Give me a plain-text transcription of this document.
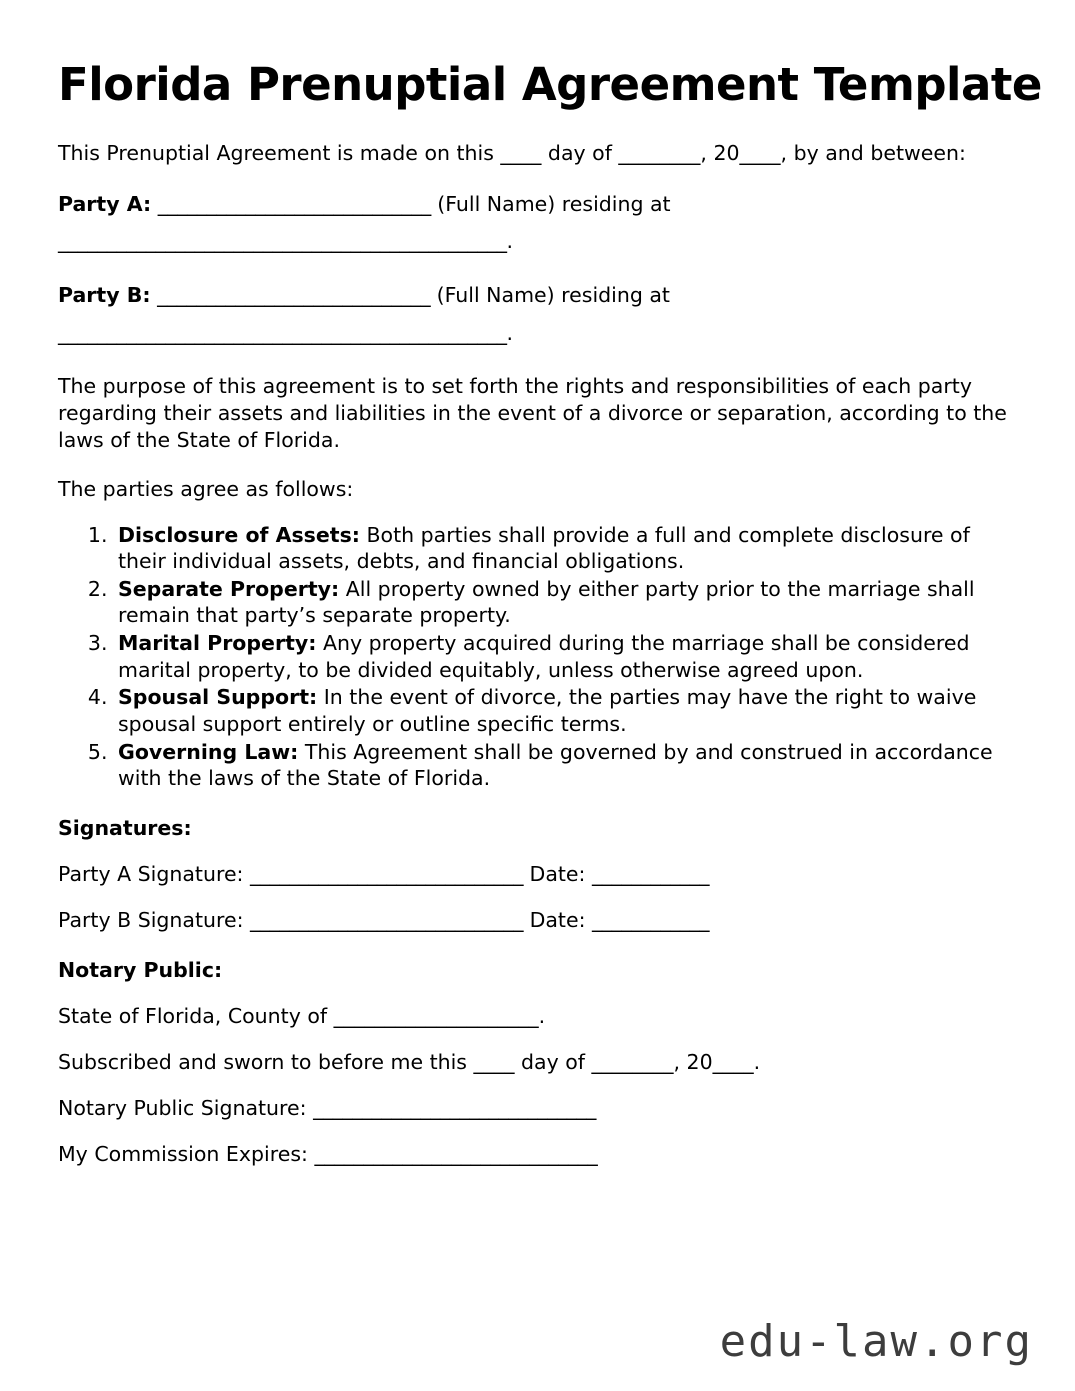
Florida Prenuptial Agreement Template

This Prenuptial Agreement is made on this ____ day of ________, 20____, by and between:

Party A: ____________________________ (Full Name) residing at

______________________________________________.

Party B: ____________________________ (Full Name) residing at

______________________________________________.

The purpose of this agreement is to set forth the rights and responsibilities of each party regarding their assets and liabilities in the event of a divorce or separation, according to the laws of the State of Florida.

The parties agree as follows:

1. Disclosure of Assets: Both parties shall provide a full and complete disclosure of their individual assets, debts, and financial obligations.
2. Separate Property: All property owned by either party prior to the marriage shall remain that party’s separate property.
3. Marital Property: Any property acquired during the marriage shall be considered marital property, to be divided equitably, unless otherwise agreed upon.
4. Spousal Support: In the event of divorce, the parties may have the right to waive spousal support entirely or outline specific terms.
5. Governing Law: This Agreement shall be governed by and construed in accordance with the laws of the State of Florida.

Signatures:

Party A Signature: ____________________________ Date: ____________

Party B Signature: ____________________________ Date: ____________

Notary Public:

State of Florida, County of ____________________.

Subscribed and sworn to before me this ____ day of ________, 20____.

Notary Public Signature: _____________________________

My Commission Expires: _____________________________

edu-law.org
